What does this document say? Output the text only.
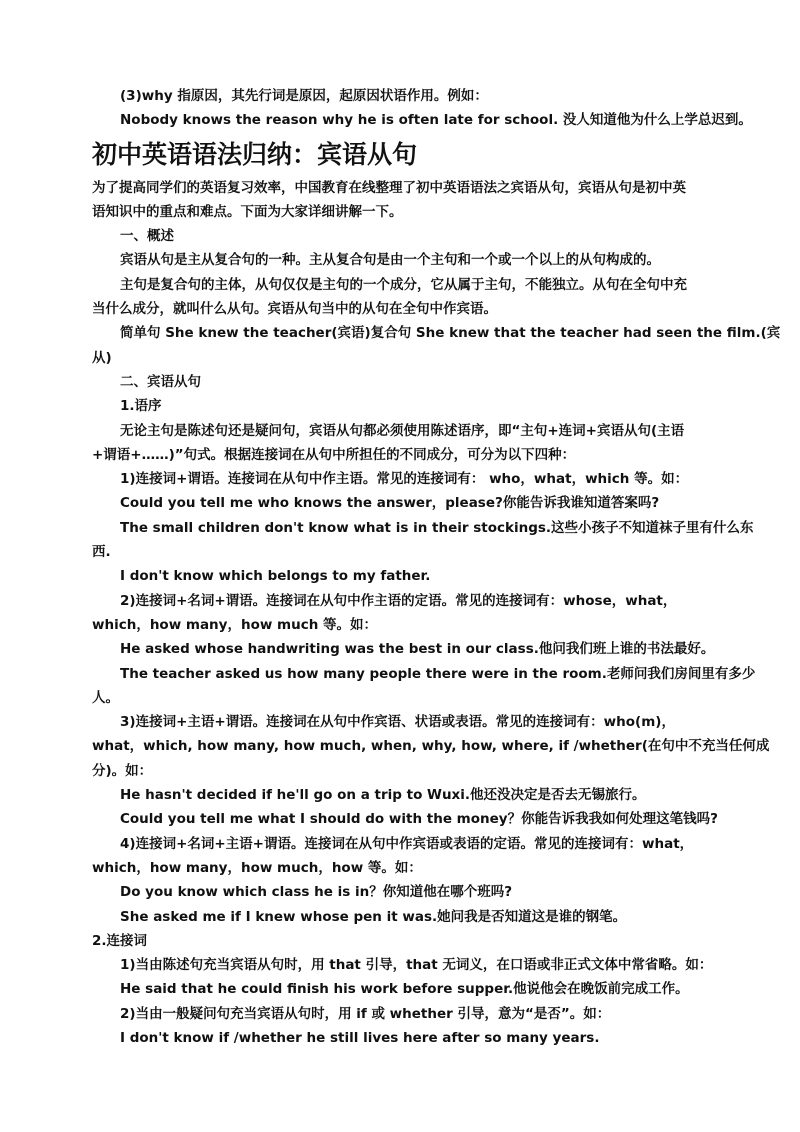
(3)why 指原因，其先行词是原因，起原因状语作用。例如：
Nobody knows the reason why he is often late for school. 没人知道他为什么上学总迟到。
初中英语语法归纳：宾语从句
为了提高同学们的英语复习效率，中国教育在线整理了初中英语语法之宾语从句，宾语从句是初中英
语知识中的重点和难点。下面为大家详细讲解一下。
一、概述
宾语从句是主从复合句的一种。主从复合句是由一个主句和一个或一个以上的从句构成的。
主句是复合句的主体，从句仅仅是主句的一个成分，它从属于主句，不能独立。从句在全句中充
当什么成分，就叫什么从句。宾语从句当中的从句在全句中作宾语。
简单句 She knew the teacher(宾语)复合句 She knew that the teacher had seen the film.(宾
从)
二、宾语从句
1.语序
无论主句是陈述句还是疑问句，宾语从句都必须使用陈述语序，即“主句+连词+宾语从句(主语
+谓语+……)”句式。根据连接词在从句中所担任的不同成分，可分为以下四种：
1)连接词+谓语。连接词在从句中作主语。常见的连接词有： who，what，which 等。如：
Could you tell me who knows the answer，please?你能告诉我谁知道答案吗?
The small children don't know what is in their stockings.这些小孩子不知道袜子里有什么东
西.
I don't know which belongs to my father.
2)连接词+名词+谓语。连接词在从句中作主语的定语。常见的连接词有：whose，what，
which，how many，how much 等。如：
He asked whose handwriting was the best in our class.他问我们班上谁的书法最好。
The teacher asked us how many people there were in the room.老师问我们房间里有多少
人。
3)连接词+主语+谓语。连接词在从句中作宾语、状语或表语。常见的连接词有：who(m)，
what，which, how many, how much, when, why, how, where, if /whether(在句中不充当任何成
分)。如：
He hasn't decided if he'll go on a trip to Wuxi.他还没决定是否去无锡旅行。
Could you tell me what I should do with the money？你能告诉我我如何处理这笔钱吗?
4)连接词+名词+主语+谓语。连接词在从句中作宾语或表语的定语。常见的连接词有：what，
which，how many，how much，how 等。如：
Do you know which class he is in？你知道他在哪个班吗?
She asked me if I knew whose pen it was.她问我是否知道这是谁的钢笔。
2.连接词
1)当由陈述句充当宾语从句时，用 that 引导，that 无词义，在口语或非正式文体中常省略。如：
He said that he could finish his work before supper.他说他会在晚饭前完成工作。
2)当由一般疑问句充当宾语从句时，用 if 或 whether 引导，意为“是否”。如：
I don't know if /whether he still lives here after so many years.
